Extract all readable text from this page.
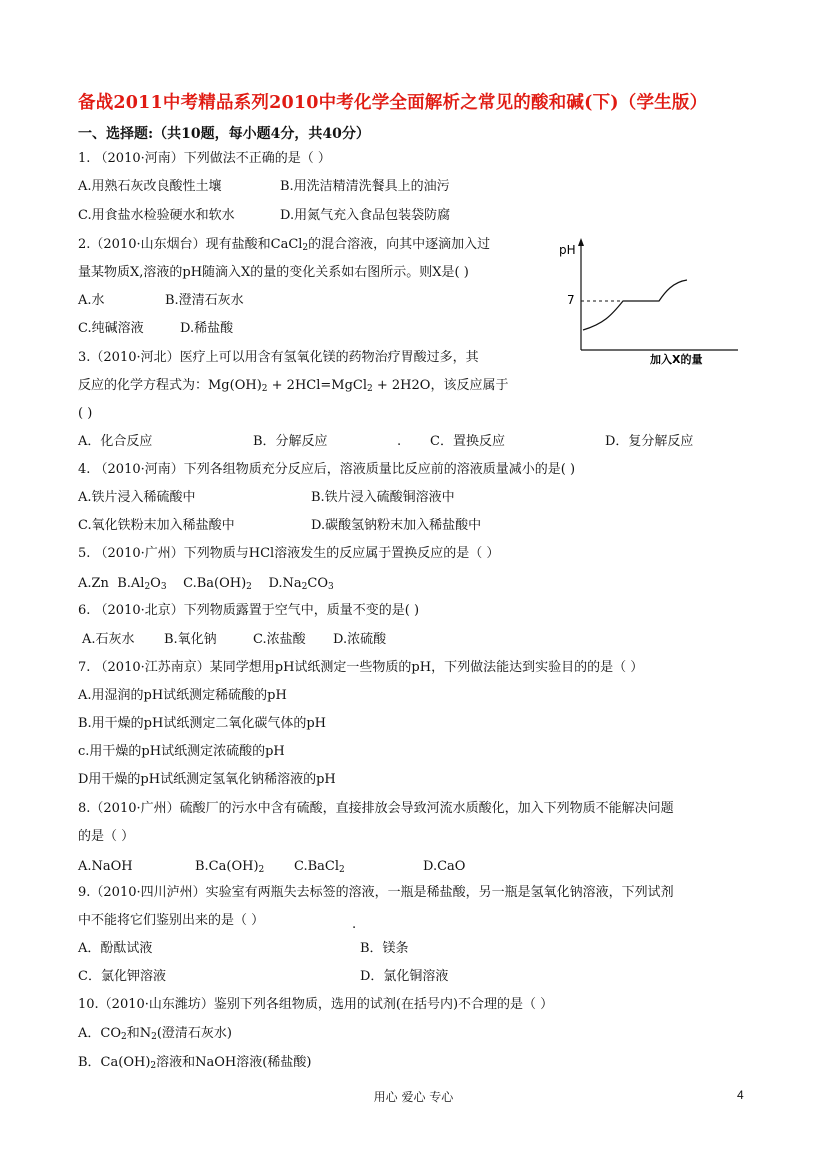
备战2011中考精品系列2010中考化学全面解析之常见的酸和碱(下)（学生版）
一、选择题:（共10题，每小题4分，共40分）
1. （2010·河南）下列做法不正确的是（ ）
A.用熟石灰改良酸性土壤	B.用洗洁精清洗餐具上的油污
C.用食盐水检验硬水和软水	D.用氮气充入食品包装袋防腐
2.（2010·山东烟台）现有盐酸和CaCl$_2$的混合溶液，向其中逐滴加入过
量某物质X,溶液的pH随滴入X的量的变化关系如右图所示。则X是( )
A.水	B.澄清石灰水
C.纯碱溶液	D.稀盐酸
pH
7
加入X的量
3.（2010·河北）医疗上可以用含有氢氧化镁的药物治疗胃酸过多，其
反应的化学方程式为：$Mg(OH)_2$ + 2HCl=MgCl$_2$ + 2H2O，该反应属于
( )
A．化合反应	B．分解反应	. C．置换反应	D．复分解反应
4. （2010·河南）下列各组物质充分反应后，溶液质量比反应前的溶液质量减小的是( )
A.铁片浸入稀硫酸中	B.铁片浸入硫酸铜溶液中
C.氧化铁粉末加入稀盐酸中	D.碳酸氢钠粉末加入稀盐酸中
5. （2010·广州）下列物质与HCl溶液发生的反应属于置换反应的是（ ）
A.Zn $B.Al_2O_3$ $C.Ba(OH)_2$ $D.Na_2CO_3$
6. （2010·北京）下列物质露置于空气中，质量不变的是( )
A.石灰水 B.氧化钠	C.浓盐酸 D.浓硫酸
7. （2010·江苏南京）某同学想用pH试纸测定一些物质的pH，下列做法能达到实验目的的是（ ）
A.用湿润的pH试纸测定稀硫酸的pH
B.用干燥的pH试纸测定二氧化碳气体的pH
c.用干燥的pH试纸测定浓硫酸的pH
D用干燥的pH试纸测定氢氧化钠稀溶液的pH
8.（2010·广州）硫酸厂的污水中含有硫酸，直接排放会导致河流水质酸化，加入下列物质不能解决问题
的是（ ）
A.NaOH	$B.Ca(OH)_2$ C.BaCl$_2$	D.CaO
9.（2010·四川泸州）实验室有两瓶失去标签的溶液，一瓶是稀盐酸，另一瓶是氢氧化钠溶液，下列试剂
中不能将它们鉴别出来的是（ ）	.
A．酚酞试液	B．镁条
C．氯化钾溶液	D．氯化铜溶液
10.（2010·山东潍坊）鉴别下列各组物质，选用的试剂(在括号内)不合理的是（ ）
A．$CO_2$和$N_2$(澄清石灰水)
B．$Ca(OH)_2$溶液和NaOH溶液(稀盐酸)
用心 爱心 专心	4
